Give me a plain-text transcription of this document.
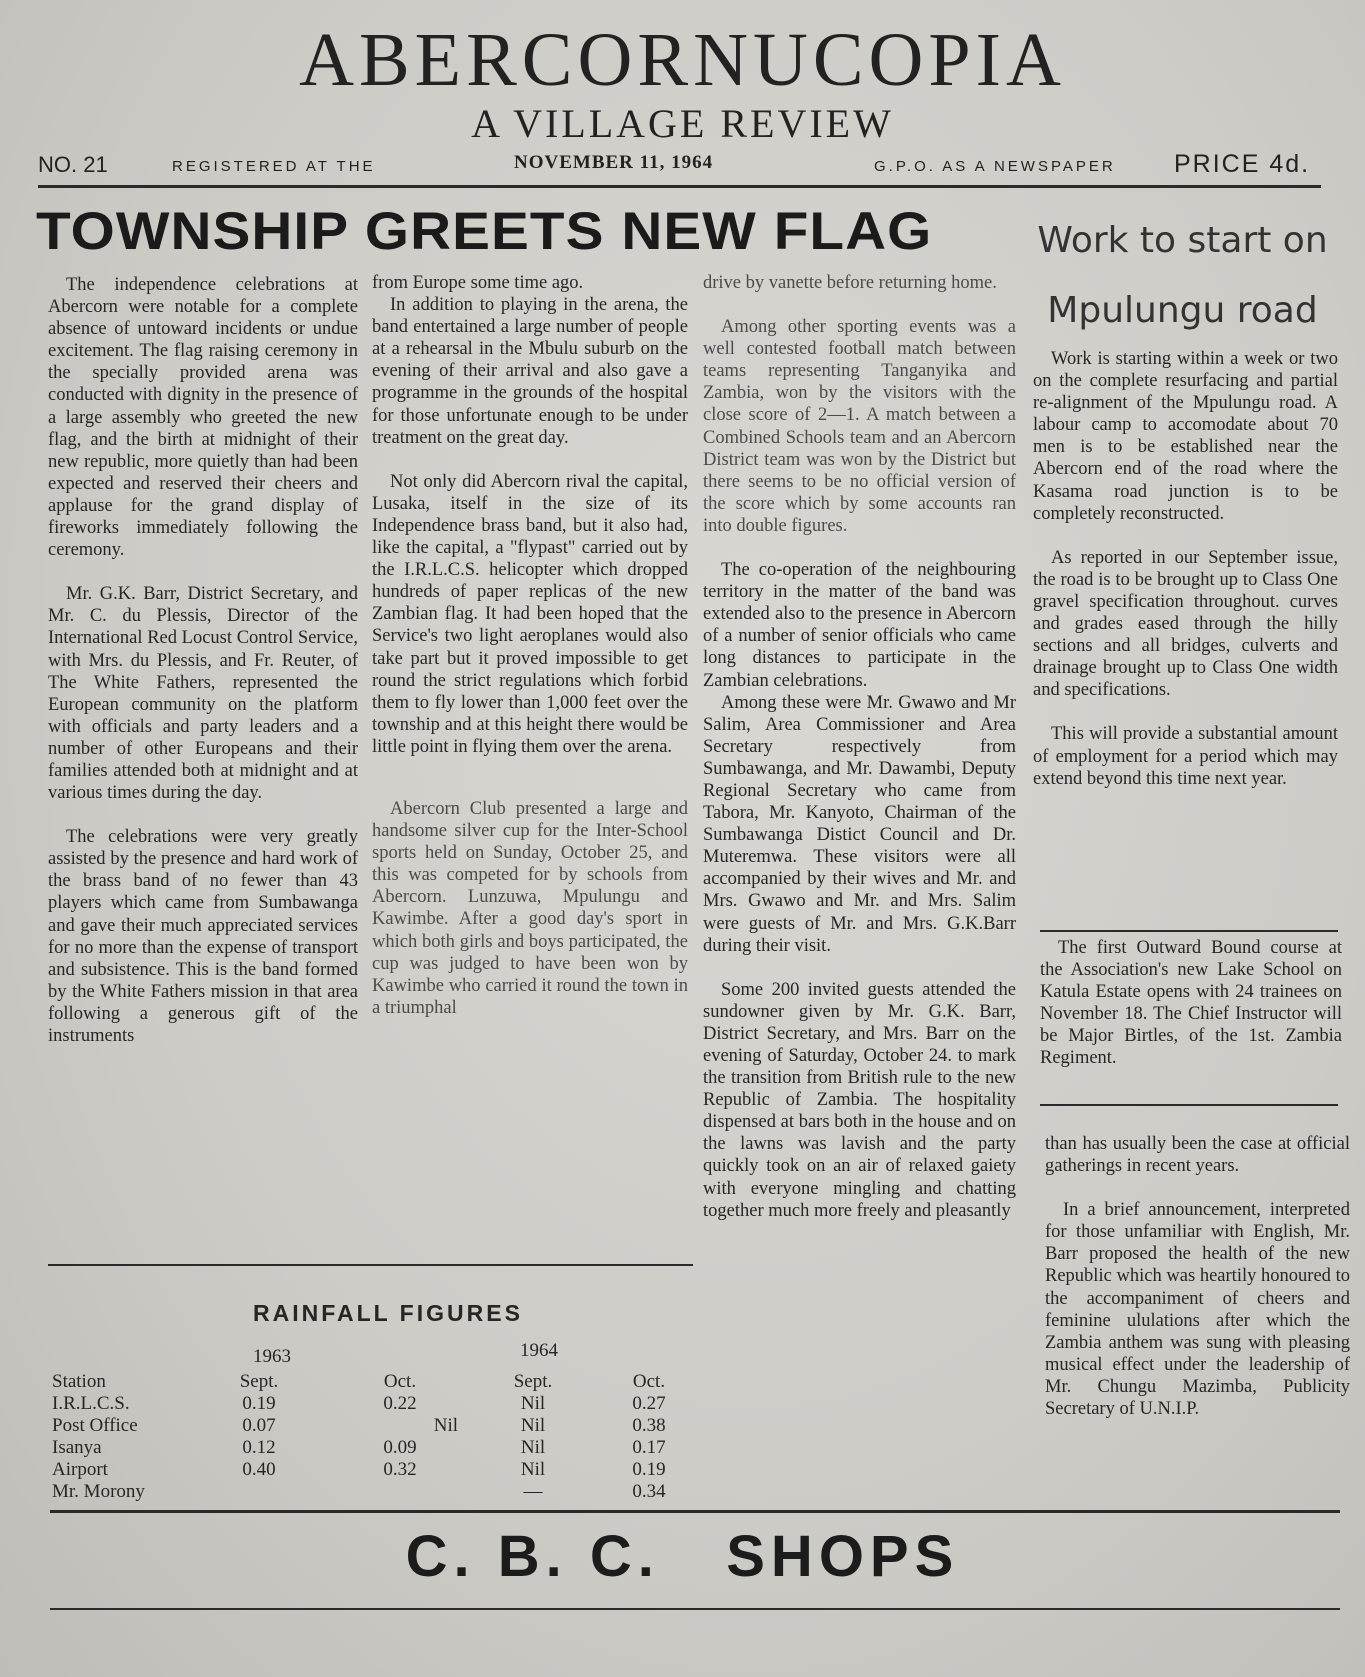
ABERCORNUCOPIA
A VILLAGE REVIEW
NO. 21	REGISTERED AT THE	NOVEMBER 11, 1964	G.P.O. AS A NEWSPAPER PRICE 4d.
TOWNSHIP GREETS NEW FLAG	Work to start on
Mpulungu road

The independence celebrations at Abercorn were notable for a complete absence of untoward incidents or undue excitement. The flag raising ceremony in the specially provided arena was conducted with dignity in the presence of a large assembly who greeted the new flag, and the birth at midnight of their new republic, more quietly than had been expected and reserved their cheers and applause for the grand display of fireworks immediately following the ceremony.

Mr. G.K. Barr, District Secretary, and Mr. C. du Plessis, Director of the International Red Locust Control Service, with Mrs. du Plessis, and Fr. Reuter, of The White Fathers, represented the European community on the platform with officials and party leaders and a number of other Europeans and their families attended both at midnight and at various times during the day.

The celebrations were very greatly assisted by the presence and hard work of the brass band of no fewer than 43 players which came from Sumbawanga and gave their much appreciated services for no more than the expense of transport and subsistence. This is the band formed by the White Fathers mission in that area following a generous gift of the instruments

from Europe some time ago.

In addition to playing in the arena, the band entertained a large number of people at a rehearsal in the Mbulu suburb on the evening of their arrival and also gave a programme in the grounds of the hospital for those unfortunate enough to be under treatment on the great day.

Not only did Abercorn rival the capital, Lusaka, itself in the size of its Independence brass band, but it also had, like the capital, a "flypast" carried out by the I.R.L.C.S. helicopter which dropped hundreds of paper replicas of the new Zambian flag. It had been hoped that the Service's two light aeroplanes would also take part but it proved impossible to get round the strict regulations which forbid them to fly lower than 1,000 feet over the township and at this height there would be little point in flying them over the arena.

Abercorn Club presented a large and handsome silver cup for the Inter-School sports held on Sunday, October 25, and this was competed for by schools from Abercorn. Lunzuwa, Mpulungu and Kawimbe. After a good day's sport in which both girls and boys participated, the cup was judged to have been won by Kawimbe who carried it round the town in a triumphal

drive by vanette before returning home.

Among other sporting events was a well contested football match between teams representing Tanganyika and Zambia, won by the visitors with the close score of 2—1. A match between a Combined Schools team and an Abercorn District team was won by the District but there seems to be no official version of the score which by some accounts ran into double figures.

The co-operation of the neighbouring territory in the matter of the band was extended also to the presence in Abercorn of a number of senior officials who came long distances to participate in the Zambian celebrations.

Among these were Mr. Gwawo and Mr Salim, Area Commissioner and Area Secretary respectively from Sumbawanga, and Mr. Dawambi, Deputy Regional Secretary who came from Tabora, Mr. Kanyoto, Chairman of the Sumbawanga Distict Council and Dr. Muteremwa. These visitors were all accompanied by their wives and Mr. and Mrs. Gwawo and Mr. and Mrs. Salim were guests of Mr. and Mrs. G.K.Barr during their visit.

Some 200 invited guests attended the sundowner given by Mr. G.K. Barr, District Secretary, and Mrs. Barr on the evening of Saturday, October 24. to mark the transition from British rule to the new Republic of Zambia. The hospitality dispensed at bars both in the house and on the lawns was lavish and the party quickly took on an air of relaxed gaiety with everyone mingling and chatting together much more freely and pleasantly

Work is starting within a week or two on the complete resurfacing and partial re-alignment of the Mpulungu road. A labour camp to accomodate about 70 men is to be established near the Abercorn end of the road where the Kasama road junction is to be completely reconstructed.

As reported in our September issue, the road is to be brought up to Class One gravel specification throughout. curves and grades eased through the hilly sections and all bridges, culverts and drainage brought up to Class One width and specifications.

This will provide a substantial amount of employment for a period which may extend beyond this time next year.

The first Outward Bound course at the Association's new Lake School on Katula Estate opens with 24 trainees on November 18. The Chief Instructor will be Major Birtles, of the 1st. Zambia Regiment.

than has usually been the case at official gatherings in recent years.

In a brief announcement, interpreted for those unfamiliar with English, Mr. Barr proposed the health of the new Republic which was heartily honoured to the accompaniment of cheers and feminine ululations after which the Zambia anthem was sung with pleasing musical effect under the leadership of Mr. Chungu Mazimba, Publicity Secretary of U.N.I.P.

RAINFALL FIGURES
1963	1964
Station	Sept.	Oct.	Sept.	Oct.
I.R.L.C.S.	0.19	0.22	Nil	0.27
Post Office	0.07	Nil	Nil	0.38
Isanya	0.12	0.09	Nil	0.17
Airport	0.40	0.32	Nil	0.19
Mr. Morony			—	0.34
C. B. C.   SHOPS
